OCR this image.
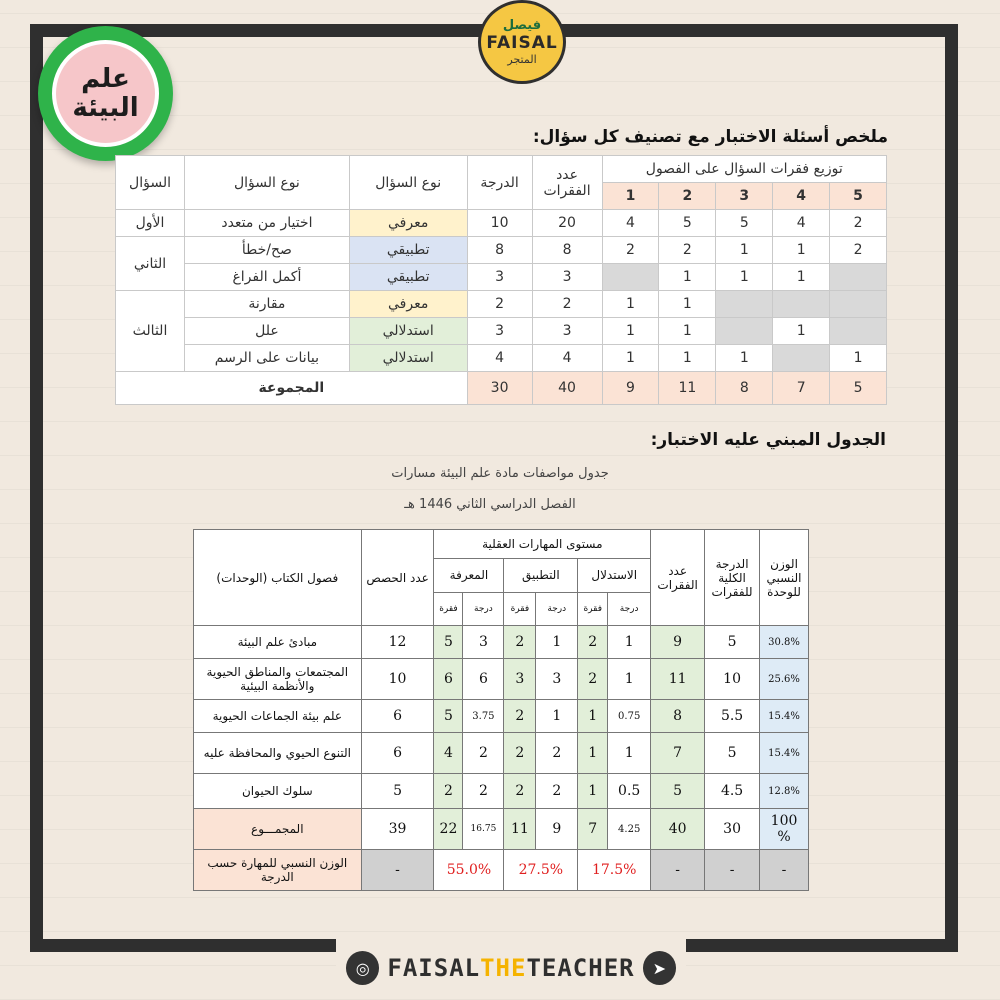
علم
البيئة
فيصل
FAISAL
المتجر
ملخص أسئلة الاختبار مع تصنيف كل سؤال:
توزيع فقرات السؤال على الفصول					عدد الفقرات	الدرجة	نوع السؤال	نوع السؤال	السؤال
5	4	3	2	1					
2	4	5	5	4	20	10	معرفي	اختيار من متعدد	الأول
2	1	1	2	2	8	8	تطبيقي	صح/خطأ	الثاني
	1	1	1		3	3	تطبيقي	أكمل الفراغ	
			1	1	2	2	معرفي	مقارنة	الثالث
	1		1	1	3	3	استدلالي	علل	
1		1	1	1	4	4	استدلالي	بيانات على الرسم	
5	7	8	11	9	40	30	المجموعة		
الجدول المبني عليه الاختبار:
جدول مواصفات مادة علم البيئة مسارات
الفصل الدراسي الثاني 1446 هـ
الوزن النسبي للوحدة	الدرجة الكلية للفقرات	عدد الفقرات	مستوى المهارات العقلية						عدد الحصص	فصول الكتاب (الوحدات)
			الاستدلال		التطبيق		المعرفة			
			درجة	فقرة	درجة	فقرة	درجة	فقرة		
30.8%	5	9	1	2	1	2	3	5	12	مبادئ علم البيئة
25.6%	10	11	1	2	3	3	6	6	10	المجتمعات والمناطق الحيوية والأنظمة البيئية
15.4%	5.5	8	0.75	1	1	2	3.75	5	6	علم بيئة الجماعات الحيوية
15.4%	5	7	1	1	2	2	2	4	6	التنوع الحيوي والمحافظة عليه
12.8%	4.5	5	0.5	1	2	2	2	2	5	سلوك الحيوان
100
%	30	40	4.25	7	9	11	16.75	22	39	المجمـــوع
-	-	-	17.5%		27.5%		55.0%		-	الوزن النسبي للمهارة حسب الدرجة
◎ FAISALTHETEACHER	➤
